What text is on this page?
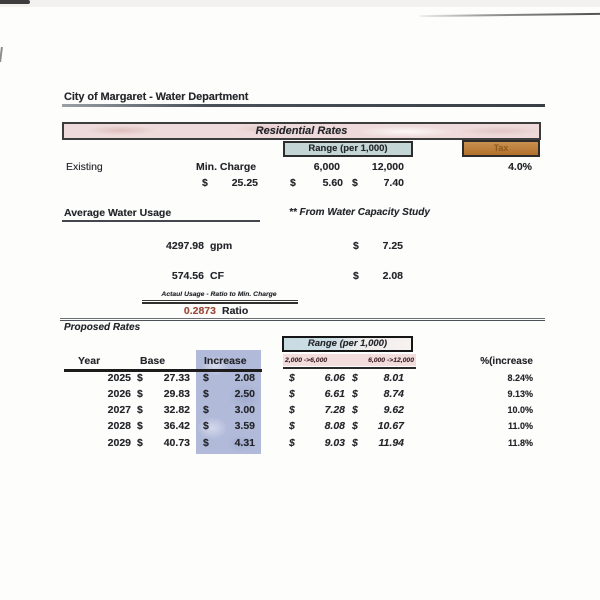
City of Margaret - Water Department
Residential Rates
Range (per 1,000)	Tax
Existing	Min. Charge	6,000	12,000	4.0%
$	25.25	$	5.60 $	7.40
Average Water Usage	** From Water Capacity Study
4297.98 gpm	$	7.25
574.56 CF	$	2.08
Actaul Usage - Ratio to Min. Charge
0.2873 Ratio
Proposed Rates
Range (per 1,000)
2,000 ->6,000	6,000 ->12,000
Year	Base	Increase	%(increase
2025 $	27.33 $	2.08	$	6.06 $	8.01	8.24%
2026 $	29.83 $	2.50	$	6.61 $	8.74	9.13%
2027 $	32.82 $	3.00	$	7.28 $	9.62	10.0%
2028 $	36.42 $	3.59	$	8.08 $	10.67	11.0%
2029 $	40.73 $	4.31	$	9.03 $	11.94	11.8%
